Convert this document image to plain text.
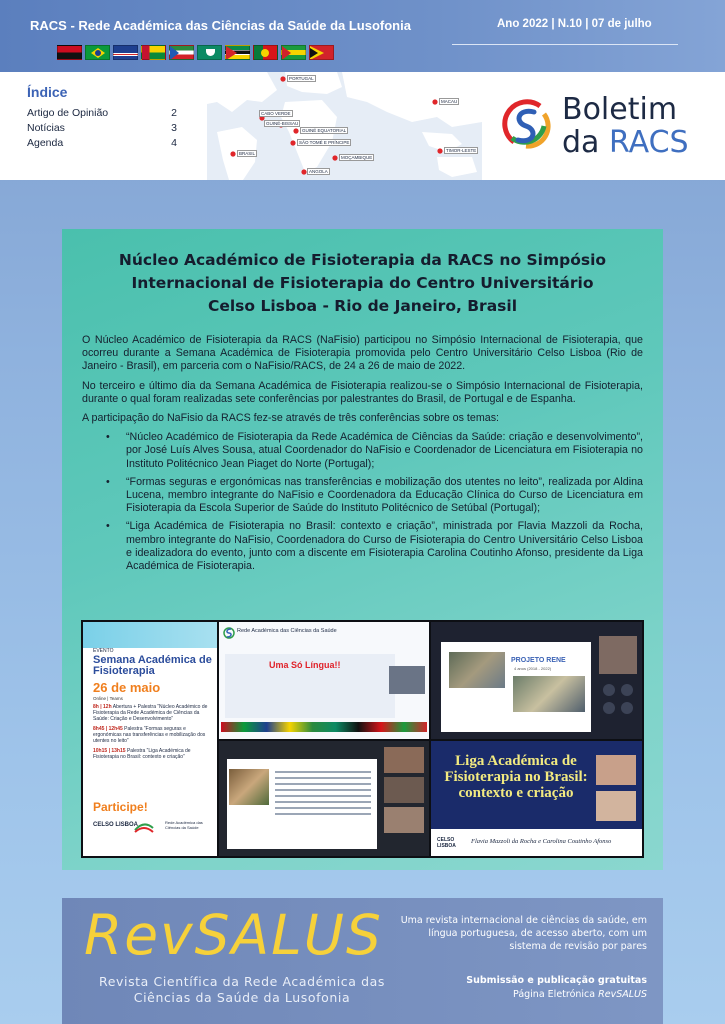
RACS - Rede Académica das Ciências da Saúde da Lusofonia	Ano 2022 | N.10 | 07 de julho
Índice
Artigo de Opinião	2
Notícias	3
Agenda	4
PORTUGAL
MACAU
CABO VERDE
GUINÉ-BISSAU
GUINÉ EQUATORIAL
SÃO TOMÉ E PRÍNCIPE
TIMOR-LESTE
BRASIL
MOÇAMBIQUE
ANGOLA
Boletim
da RACS
Núcleo Académico de Fisioterapia da RACS no Simpósio Internacional de Fisioterapia do Centro Universitário Celso Lisboa - Rio de Janeiro, Brasil

O Núcleo Académico de Fisioterapia da RACS (NaFisio) participou no Simpósio Internacional de Fisioterapia, que ocorreu durante a Semana Académica de Fisioterapia promovida pelo Centro Universitário Celso Lisboa (Rio de Janeiro - Brasil), em parceria com o NaFisio/RACS, de 24 a 26 de maio de 2022.

No terceiro e último dia da Semana Académica de Fisioterapia realizou-se o Simpósio Internacional de Fisioterapia, durante o qual foram realizadas sete conferências por palestrantes do Brasil, de Portugal e de Espanha.

A participação do NaFisio da RACS fez-se através de três conferências sobre os temas:

• “Núcleo Académico de Fisioterapia da Rede Académica de Ciências da Saúde: criação e desenvolvimento”, por José Luís Alves Sousa, atual Coordenador do NaFisio e Coordenador de Licenciatura em Fisioterapia no Instituto Politécnico Jean Piaget do Norte (Portugal);
• “Formas seguras e ergonómicas nas transferências e mobilização dos utentes no leito”, realizada por Aldina Lucena, membro integrante do NaFisio e Coordenadora da Educação Clínica do Curso de Licenciatura em Fisioterapia da Escola Superior de Saúde do Instituto Politécnico de Setúbal (Portugal);
• “Liga Académica de Fisioterapia no Brasil: contexto e criação”, ministrada por Flavia Mazzoli da Rocha, membro integrante do NaFisio, Coordenadora do Curso de Fisioterapia do Centro Universitário Celso Lisboa e idealizadora do evento, junto com a discente em Fisioterapia Carolina Coutinho Afonso, presidente da Liga Académica de Fisioterapia.
EVENTO
Semana Académica de Fisioterapia
26 de maio
Online | Teams

8h | 12h Abertura + Palestra “Núcleo Académico de Fisioterapia da Rede Académica de Ciências da Saúde: Criação e Desenvolvimento”

8h45 | 12h45 Palestra “Formas seguras e ergonómicas nas transferências e mobilização dos utentes no leito”

10h15 | 13h15 Palestra “Liga Académica de Fisioterapia no Brasil: contexto e criação”

Participe!
CELSO LISBOA	Rede Académica das Ciências da Saúde
Rede Académica das Ciências da Saúde
Uma Só Língua!!	PROJETO RENE
4 anos (2018 - 2022)
Liga Académica de Fisioterapia no Brasil: contexto e criação
CELSO LISBOA
Flavia Mazzoli da Rocha e Carolina Coutinho Afonso
RevSALUS
Revista Científica da Rede Académica das Ciências da Saúde da Lusofonia
Uma revista internacional de ciências da saúde, em língua portuguesa, de acesso aberto, com um sistema de revisão por pares
Submissão e publicação gratuitas
Página Eletrónica RevSALUS
